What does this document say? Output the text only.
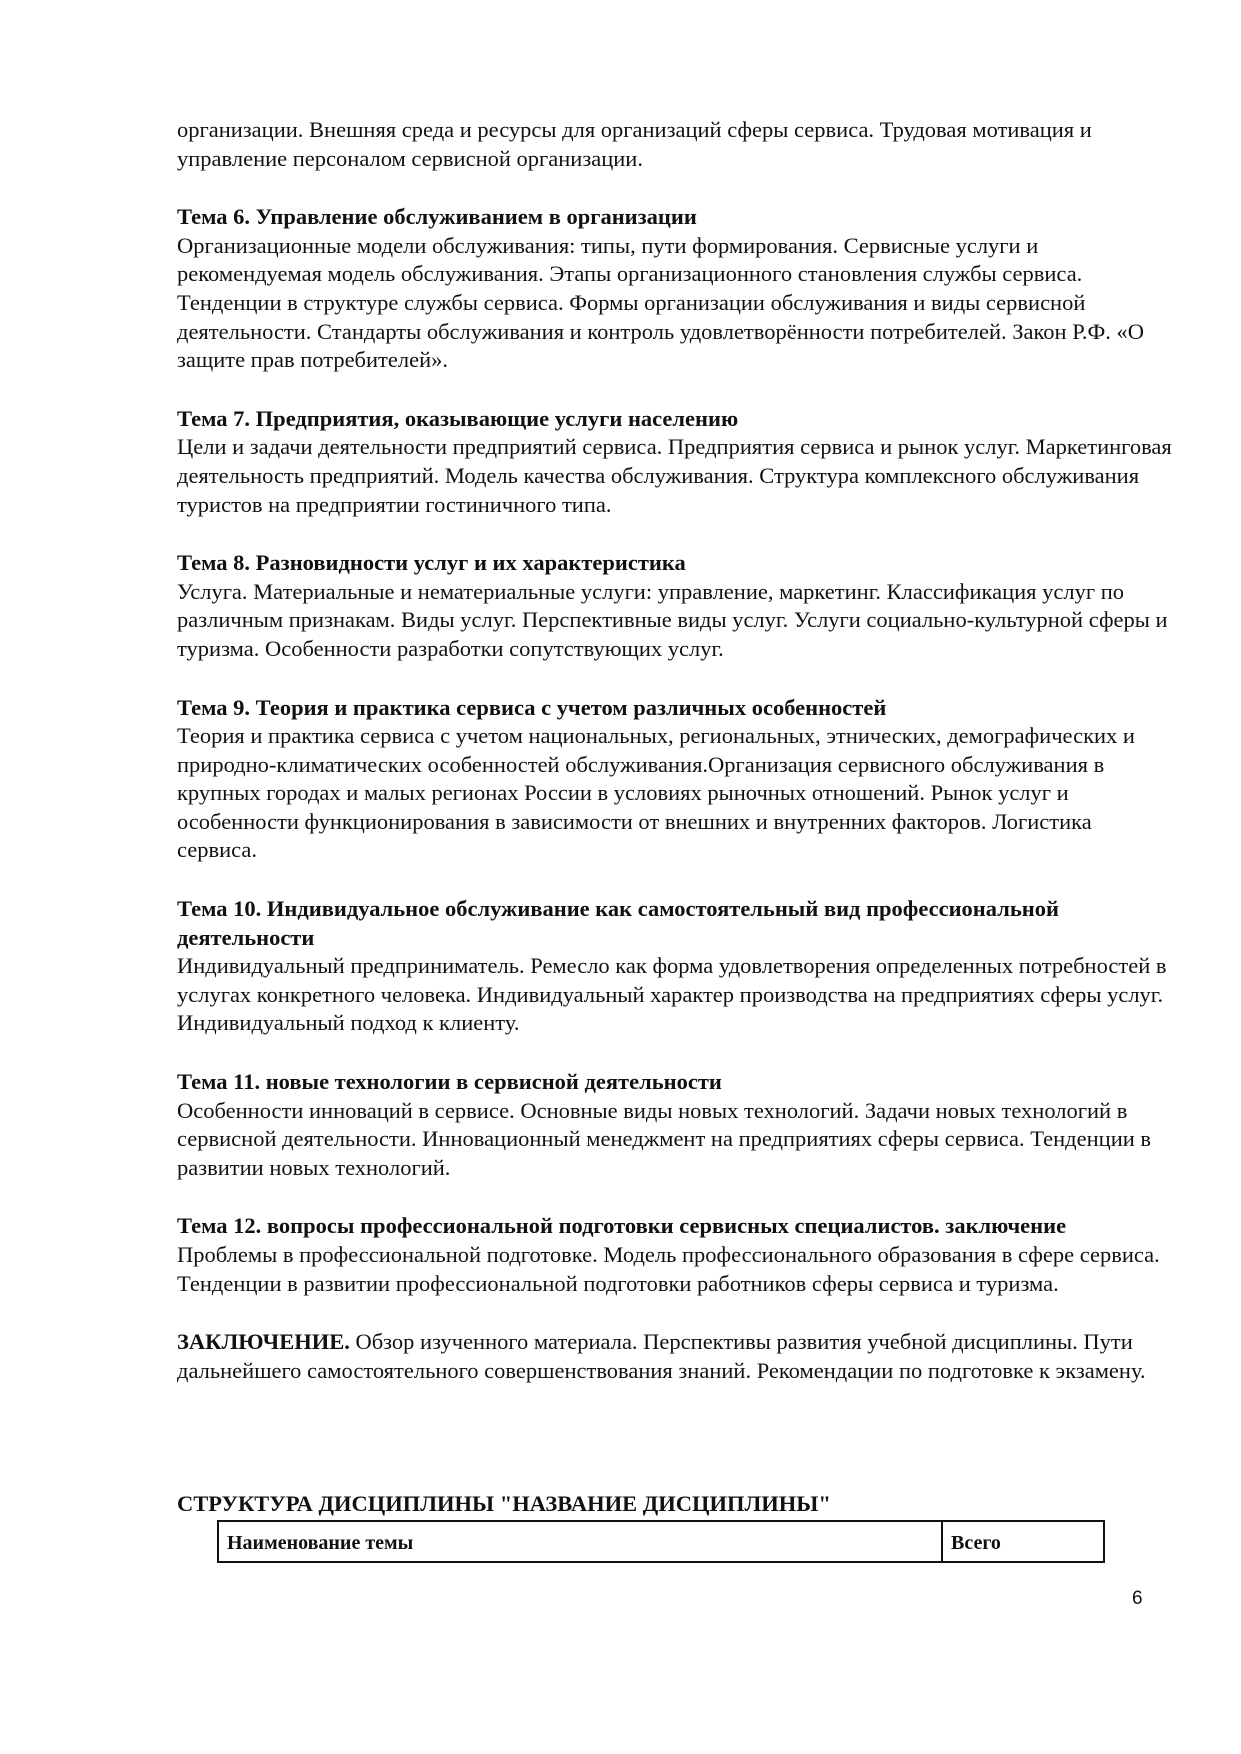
организации. Внешняя среда и ресурсы для организаций сферы сервиса. Трудовая мотивация и управление персоналом сервисной организации.

Тема 6. Управление обслуживанием в организации

Организационные модели обслуживания: типы, пути формирования. Сервисные услуги и рекомендуемая модель обслуживания. Этапы организационного становления службы сервиса. Тенденции в структуре службы сервиса. Формы организации обслуживания и виды сервисной деятельности. Стандарты обслуживания и контроль удовлетворённости потребителей. Закон Р.Ф. «О защите прав потребителей».

Тема 7. Предприятия, оказывающие услуги населению

Цели и задачи деятельности предприятий сервиса. Предприятия сервиса и рынок услуг. Маркетинговая деятельность предприятий. Модель качества обслуживания. Структура комплексного обслуживания туристов на предприятии гостиничного типа.

Тема 8. Разновидности услуг и их характеристика

Услуга. Материальные и нематериальные услуги: управление, маркетинг. Классификация услуг по различным признакам. Виды услуг. Перспективные виды услуг. Услуги социально-культурной сферы и туризма. Особенности разработки сопутствующих услуг.

Тема 9. Теория и практика сервиса с учетом различных особенностей

Теория и практика сервиса с учетом национальных, региональных, этнических, демографических и природно-климатических особенностей обслуживания.Организация сервисного обслуживания в крупных городах и малых регионах России в условиях рыночных отношений. Рынок услуг и особенности функционирования в зависимости от внешних и внутренних факторов. Логистика сервиса.

Тема 10. Индивидуальное обслуживание как самостоятельный вид профессиональной деятельности

Индивидуальный предприниматель. Ремесло как форма удовлетворения определенных потребностей в услугах конкретного человека. Индивидуальный характер производства на предприятиях сферы услуг. Индивидуальный подход к клиенту.

Тема 11. новые технологии в сервисной деятельности

Особенности инноваций в сервисе. Основные виды новых технологий. Задачи новых технологий в сервисной деятельности. Инновационный менеджмент на предприятиях сферы сервиса. Тенденции в развитии новых технологий.

Тема 12. вопросы профессиональной подготовки сервисных специалистов. заключение

Проблемы в профессиональной подготовке. Модель профессионального образования в сфере сервиса. Тенденции в развитии профессиональной подготовки работников сферы сервиса и туризма.

ЗАКЛЮЧЕНИЕ. Обзор изученного материала. Перспективы развития учебной дисциплины. Пути дальнейшего самостоятельного совершенствования знаний. Рекомендации по подготовке к экзамену.

СТРУКТУРА ДИСЦИПЛИНЫ "НАЗВАНИЕ ДИСЦИПЛИНЫ"

Наименование темы	Всего
6
